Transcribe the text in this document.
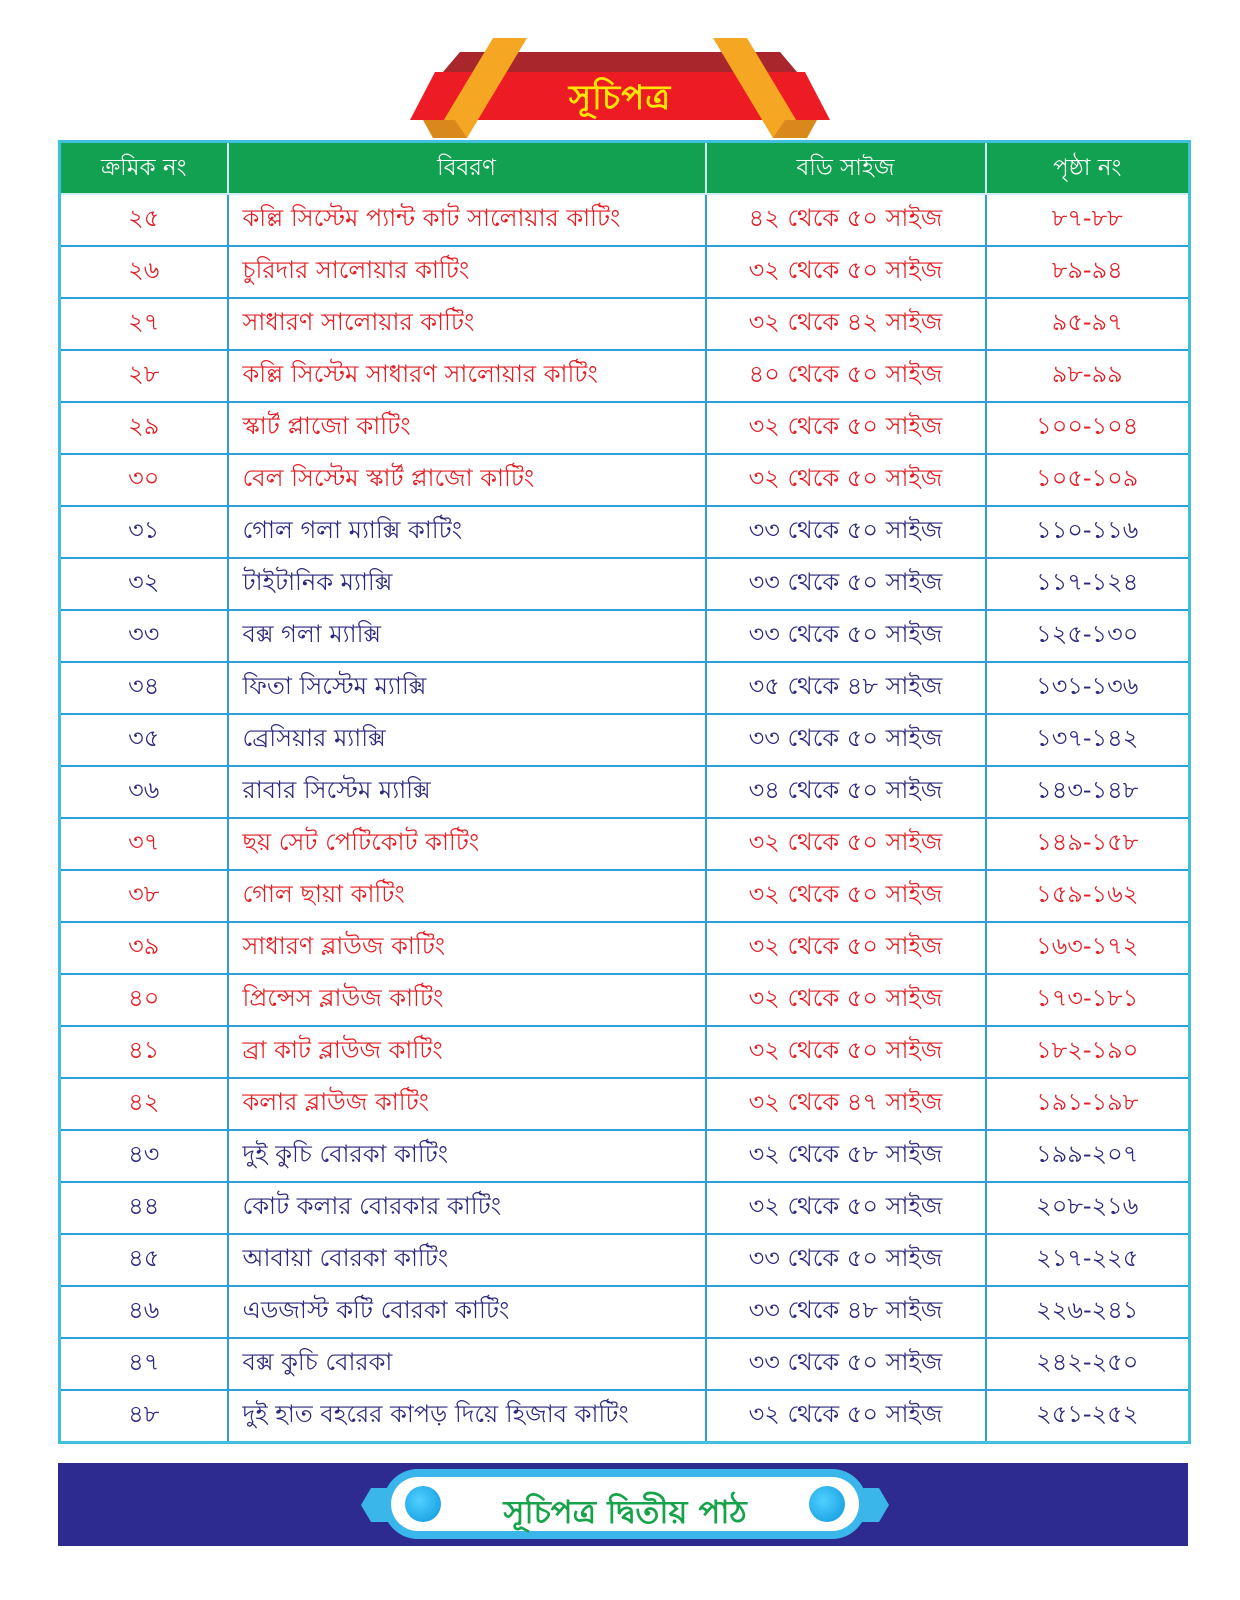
সূচিপত্র
ক্রমিক নং	বিবরণ	বডি সাইজ	পৃষ্ঠা নং
২৫	কল্লি সিস্টেম প্যান্ট কাট সালোয়ার কাটিং	৪২ থেকে ৫০ সাইজ	৮৭-৮৮
২৬	চুরিদার সালোয়ার কাটিং	৩২ থেকে ৫০ সাইজ	৮৯-৯৪
২৭	সাধারণ সালোয়ার কাটিং	৩২ থেকে ৪২ সাইজ	৯৫-৯৭
২৮	কল্লি সিস্টেম সাধারণ সালোয়ার কাটিং	৪০ থেকে ৫০ সাইজ	৯৮-৯৯
২৯	স্কার্ট প্লাজো কাটিং	৩২ থেকে ৫০ সাইজ	১০০-১০৪
৩০	বেল সিস্টেম স্কার্ট প্লাজো কাটিং	৩২ থেকে ৫০ সাইজ	১০৫-১০৯
৩১	গোল গলা ম্যাক্সি কাটিং	৩৩ থেকে ৫০ সাইজ	১১০-১১৬
৩২	টাইটানিক ম্যাক্সি	৩৩ থেকে ৫০ সাইজ	১১৭-১২৪
৩৩	বক্স গলা ম্যাক্সি	৩৩ থেকে ৫০ সাইজ	১২৫-১৩০
৩৪	ফিতা সিস্টেম ম্যাক্সি	৩৫ থেকে ৪৮ সাইজ	১৩১-১৩৬
৩৫	ব্রেসিয়ার ম্যাক্সি	৩৩ থেকে ৫০ সাইজ	১৩৭-১৪২
৩৬	রাবার সিস্টেম ম্যাক্সি	৩৪ থেকে ৫০ সাইজ	১৪৩-১৪৮
৩৭	ছয় সেট পেটিকোট কাটিং	৩২ থেকে ৫০ সাইজ	১৪৯-১৫৮
৩৮	গোল ছায়া কাটিং	৩২ থেকে ৫০ সাইজ	১৫৯-১৬২
৩৯	সাধারণ ব্লাউজ কাটিং	৩২ থেকে ৫০ সাইজ	১৬৩-১৭২
৪০	প্রিন্সেস ব্লাউজ কাটিং	৩২ থেকে ৫০ সাইজ	১৭৩-১৮১
৪১	ব্রা কাট ব্লাউজ কাটিং	৩২ থেকে ৫০ সাইজ	১৮২-১৯০
৪২	কলার ব্লাউজ কাটিং	৩২ থেকে ৪৭ সাইজ	১৯১-১৯৮
৪৩	দুই কুচি বোরকা কাটিং	৩২ থেকে ৫৮ সাইজ	১৯৯-২০৭
৪৪	কোট কলার বোরকার কাটিং	৩২ থেকে ৫০ সাইজ	২০৮-২১৬
৪৫	আবায়া বোরকা কাটিং	৩৩ থেকে ৫০ সাইজ	২১৭-২২৫
৪৬	এডজাস্ট কটি বোরকা কাটিং	৩৩ থেকে ৪৮ সাইজ	২২৬-২৪১
৪৭	বক্স কুচি বোরকা	৩৩ থেকে ৫০ সাইজ	২৪২-২৫০
৪৮	দুই হাত বহরের কাপড় দিয়ে হিজাব কাটিং	৩২ থেকে ৫০ সাইজ	২৫১-২৫২
সূচিপত্র দ্বিতীয় পাঠ
